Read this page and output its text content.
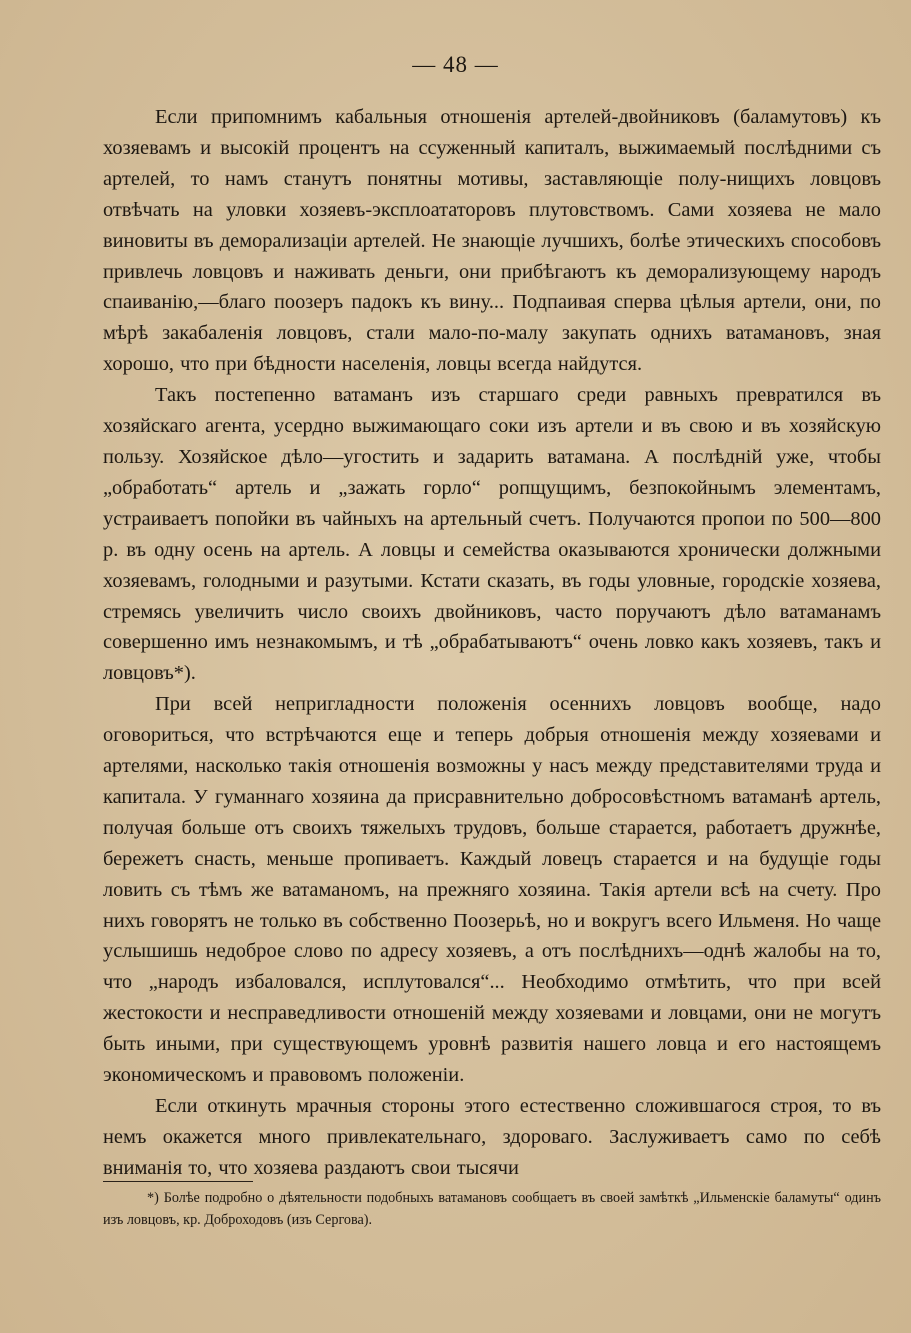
— 48 —

Если припомнимъ кабальныя отношенія артелей-двойниковъ (баламутовъ) къ хозяевамъ и высокій процентъ на ссуженный капиталъ, выжимаемый послѣдними съ артелей, то намъ станутъ понятны мотивы, заставляющіе полу-нищихъ ловцовъ отвѣчать на уловки хозяевъ-эксплоататоровъ плутовствомъ. Сами хозяева не мало виновиты въ деморализаціи артелей. Не знающіе лучшихъ, болѣе этическихъ способовъ привлечь ловцовъ и наживать деньги, они прибѣгаютъ къ деморализующему народъ спаиванію,—благо поозеръ падокъ къ вину... Подпаивая сперва цѣлыя артели, они, по мѣрѣ закабаленія ловцовъ, стали мало-по-малу закупать однихъ ватамановъ, зная хорошо, что при бѣдности населенія, ловцы всегда найдутся.

Такъ постепенно ватаманъ изъ старшаго среди равныхъ превратился въ хозяйскаго агента, усердно выжимающаго соки изъ артели и въ свою и въ хозяйскую пользу. Хозяйское дѣло—угостить и задарить ватамана. А послѣдній уже, чтобы „обработать“ артель и „зажать горло“ ропщущимъ, безпокойнымъ элементамъ, устраиваетъ попойки въ чайныхъ на артельный счетъ. Получаются пропои по 500—800 р. въ одну осень на артель. А ловцы и семейства оказываются хронически должными хозяевамъ, голодными и разутыми. Кстати сказать, въ годы уловные, городскіе хозяева, стремясь увеличить число своихъ двойниковъ, часто поручаютъ дѣло ватаманамъ совершенно имъ незнакомымъ, и тѣ „обрабатываютъ“ очень ловко какъ хозяевъ, такъ и ловцовъ*).

При всей непригладности положенія осеннихъ ловцовъ вообще, надо оговориться, что встрѣчаются еще и теперь добрыя отношенія между хозяевами и артелями, насколько такія отношенія возможны у насъ между представителями труда и капитала. У гуманнаго хозяина да присравнительно добросовѣстномъ ватаманѣ артель, получая больше отъ своихъ тяжелыхъ трудовъ, больше старается, работаетъ дружнѣе, бережетъ снасть, меньше пропиваетъ. Каждый ловецъ старается и на будущіе годы ловить съ тѣмъ же ватаманомъ, на прежняго хозяина. Такія артели всѣ на счету. Про нихъ говорятъ не только въ собственно Поозерьѣ, но и вокругъ всего Ильменя. Но чаще услышишь недоброе слово по адресу хозяевъ, а отъ послѣднихъ—однѣ жалобы на то, что „народъ избаловался, исплутовался“... Необходимо отмѣтить, что при всей жестокости и несправедливости отношеній между хозяевами и ловцами, они не могутъ быть иными, при существующемъ уровнѣ развитія нашего ловца и его настоящемъ экономическомъ и правовомъ положеніи.

Если откинуть мрачныя стороны этого естественно сложившагося строя, то въ немъ окажется много привлекательнаго, здороваго. Заслуживаетъ само по себѣ вниманія то, что хозяева раздаютъ свои тысячи

*) Болѣе подробно о дѣятельности подобныхъ ватамановъ сообщаетъ въ своей замѣткѣ „Ильменскіе баламуты“ одинъ изъ ловцовъ, кр. Доброходовъ (изъ Сергова).
